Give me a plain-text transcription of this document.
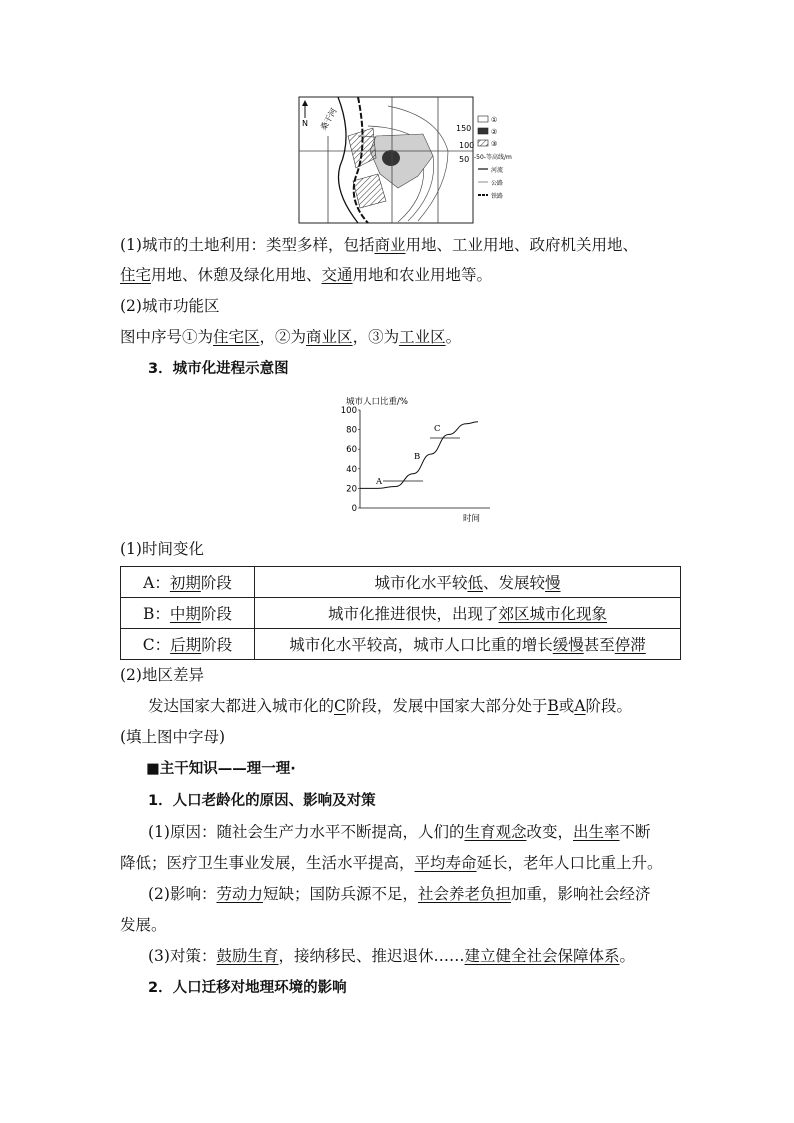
N 桑干河	150
100
50
①
②
③
-50-等高线/m
河流
公路
铁路
(1)城市的土地利用：类型多样，包括商业用地、工业用地、政府机关用地、
住宅用地、休憩及绿化用地、交通用地和农业用地等。
(2)城市功能区
图中序号①为住宅区，②为商业区，③为工业区。
3．城市化进程示意图
城市人口比重/%
100
80
60
40
20
0
A
B
C
时间
(1)时间变化
A：初期阶段	城市化水平较低、发展较慢
B：中期阶段	城市化推进很快，出现了郊区城市化现象
C：后期阶段	城市化水平较高，城市人口比重的增长缓慢甚至停滞
(2)地区差异
发达国家大都进入城市化的C阶段，发展中国家大部分处于B或A阶段。
(填上图中字母)
■主干知识——理一理·
1．人口老龄化的原因、影响及对策
(1)原因：随社会生产力水平不断提高，人们的生育观念改变，出生率不断
降低；医疗卫生事业发展，生活水平提高，平均寿命延长，老年人口比重上升。
(2)影响：劳动力短缺；国防兵源不足，社会养老负担加重，影响社会经济
发展。
(3)对策：鼓励生育，接纳移民、推迟退休……建立健全社会保障体系。
2．人口迁移对地理环境的影响
